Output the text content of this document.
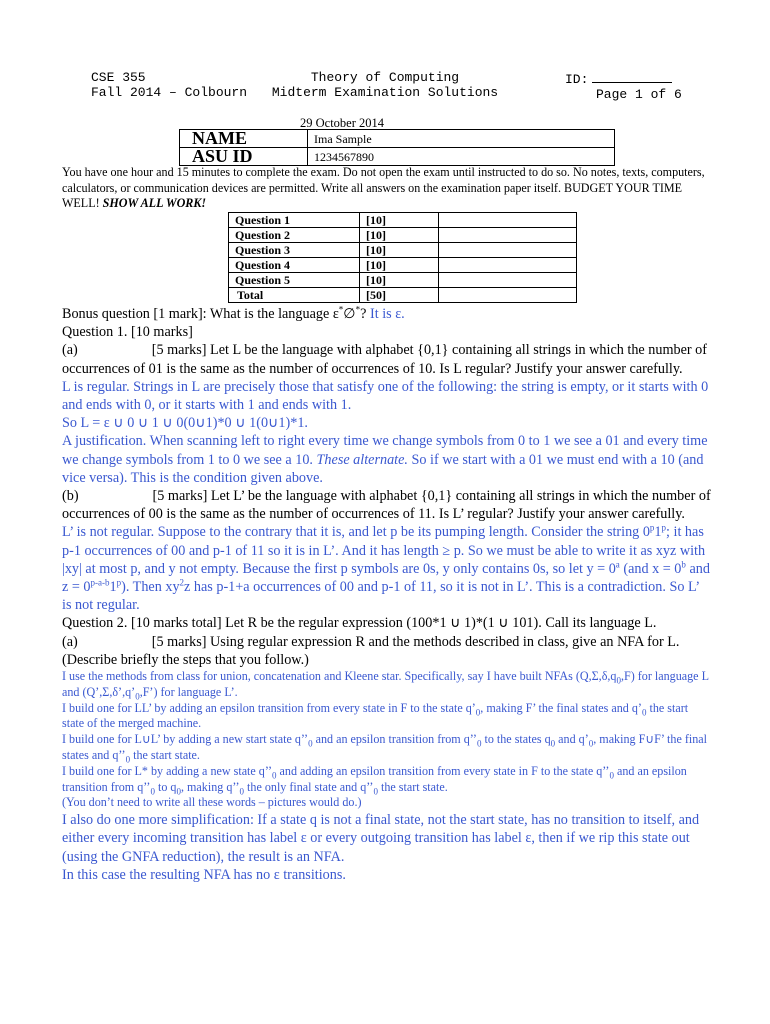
CSE 355
Fall 2014 – Colbourn
Theory of Computing
Midterm Examination Solutions
ID:
Page 1 of 6
29 October 2014
NAME	Ima Sample
ASU ID	1234567890
You have one hour and 15 minutes to complete the exam. Do not open the exam until instructed to do so. No notes, texts, computers, calculators, or communication devices are permitted. Write all answers on the examination paper itself. BUDGET YOUR TIME WELL! SHOW ALL WORK!
Question 1	[10]	
Question 2	[10]	
Question 3	[10]	
Question 4	[10]	
Question 5	[10]	
Total	[50]	

Bonus question [1 mark]: What is the language ε*∅*? It is ε.

Question 1. [10 marks]

(a)	[5 marks] Let L be the language with alphabet {0,1} containing all strings in which the number of occurrences of 01 is the same as the number of occurrences of 10. Is L regular? Justify your answer carefully.

L is regular. Strings in L are precisely those that satisfy one of the following: the string is empty, or it starts with 0 and ends with 0, or it starts with 1 and ends with 1.

So L = ε ∪ 0 ∪ 1 ∪ 0(0∪1)*0 ∪ 1(0∪1)*1.

A justification. When scanning left to right every time we change symbols from 0 to 1 we see a 01 and every time we change symbols from 1 to 0 we see a 10. These alternate. So if we start with a 01 we must end with a 10 (and vice versa). This is the condition given above.

(b)	[5 marks] Let L’ be the language with alphabet {0,1} containing all strings in which the number of occurrences of 00 is the same as the number of occurrences of 11. Is L’ regular? Justify your answer carefully.

L’ is not regular. Suppose to the contrary that it is, and let p be its pumping length. Consider the string 0$^p$1$^p$; it has p-1 occurrences of 00 and p-1 of 11 so it is in L’. And it has length ≥ p. So we must be able to write it as xyz with |xy| at most p, and y not empty. Because the first p symbols are 0s, y only contains 0s, so let $y = 0^a$ (and $x = 0^b$ and $z = 0^{p-a-b}1^p$). Then $xy^2z$ has p-1+a occurrences of 00 and p-1 of 11, so it is not in L’. This is a contradiction. So L’ is not regular.

Question 2. [10 marks total] Let R be the regular expression (100*1 ∪ 1)*(1 ∪ 101). Call its language L.

(a)	[5 marks] Using regular expression R and the methods described in class, give an NFA for L. (Describe briefly the steps that you follow.)

I use the methods from class for union, concatenation and Kleene star. Specifically, say I have built NFAs $(Q,\Sigma,\delta,q_0,F)$ for language L and $(Q’,\Sigma,\delta’,q’_0,F’)$ for language L’.

I build one for LL’ by adding an epsilon transition from every state in F to the state $q’_0$, making F’ the final states and $q’_0$ the start state of the merged machine.

I build one for L∪L’ by adding a new start state $q’’_0$ and an epsilon transition from $q’’_0$ to the states $q_0$ and $q’_0$, making F∪F’ the final states and $q’’_0$ the start state.

I build one for L* by adding a new state $q’’_0$ and adding an epsilon transition from every state in F to the state $q’’_0$ and an epsilon transition from $q’’_0$ to $q_0$, making $q’’_0$ the only final state and $q’’_0$ the start state.

(You don’t need to write all these words – pictures would do.)

I also do one more simplification: If a state q is not a final state, not the start state, has no transition to itself, and either every incoming transition has label ε or every outgoing transition has label ε, then if we rip this state out (using the GNFA reduction), the result is an NFA.

In this case the resulting NFA has no ε transitions.
